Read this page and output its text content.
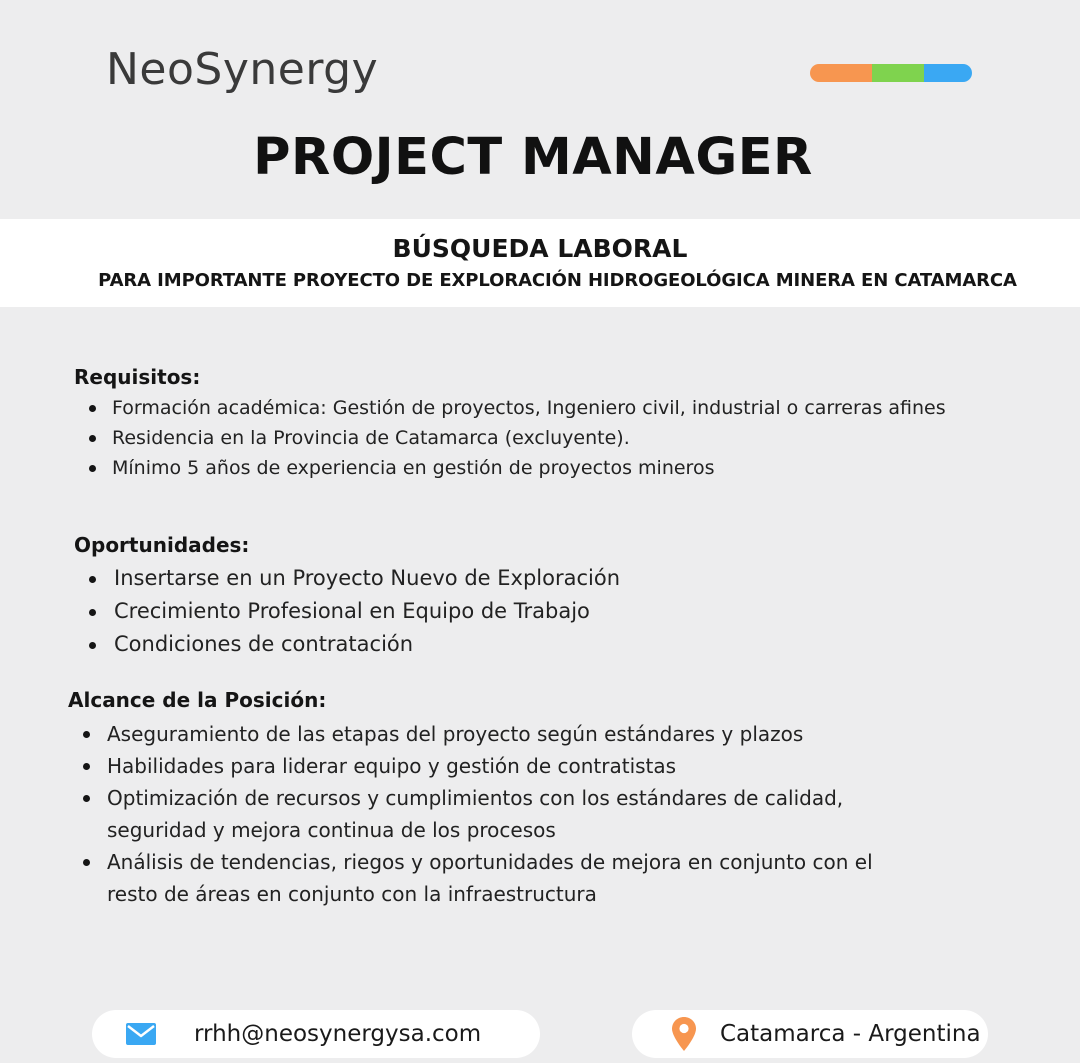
NeoSynergy
PROJECT MANAGER
BÚSQUEDA LABORAL
PARA IMPORTANTE PROYECTO DE EXPLORACIÓN HIDROGEOLÓGICA MINERA EN CATAMARCA
Requisitos:
Formación académica: Gestión de proyectos, Ingeniero civil, industrial o carreras afines
Residencia en la Provincia de Catamarca (excluyente).
Mínimo 5 años de experiencia en gestión de proyectos mineros
Oportunidades:
Insertarse en un Proyecto Nuevo de Exploración
Crecimiento Profesional en Equipo de Trabajo
Condiciones de contratación
Alcance de la Posición:
Aseguramiento de las etapas del proyecto según estándares y plazos
Habilidades para liderar equipo y gestión de contratistas
Optimización de recursos y cumplimientos con los estándares de calidad, seguridad y mejora continua de los procesos
Análisis de tendencias, riegos y oportunidades de mejora en conjunto con el resto de áreas en conjunto con la infraestructura
rrhh@neosynergysa.com	Catamarca - Argentina
